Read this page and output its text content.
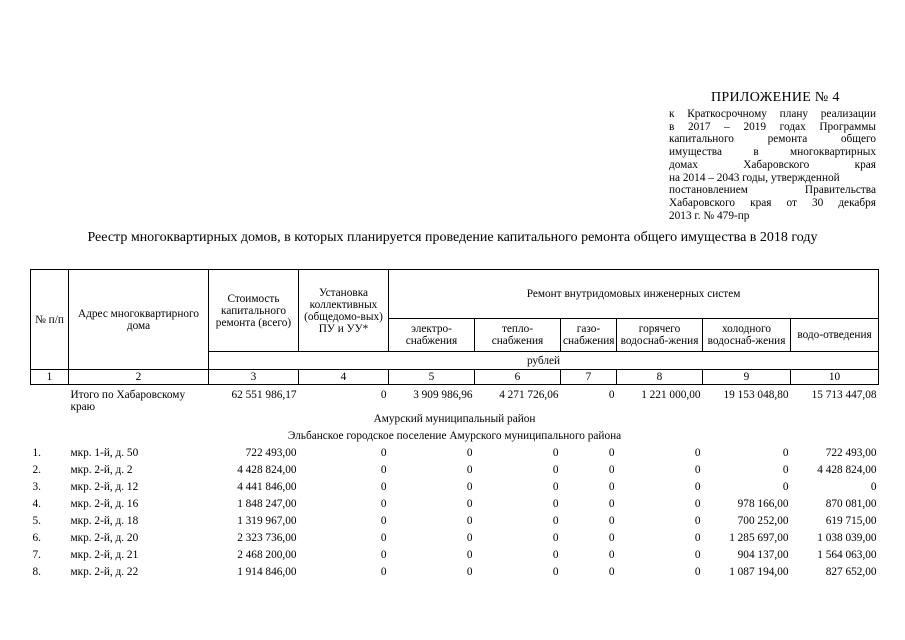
ПРИЛОЖЕНИЕ № 4
к Краткосрочному плану реализации
в 2017 – 2019 годах Программы
капитального ремонта общего
имущества в многоквартирных
домах Хабаровского края
на 2014 – 2043 годы, утвержденной
постановлением Правительства
Хабаровского края от 30 декабря
2013 г. № 479-пр
Реестр многоквартирных домов, в которых планируется проведение капитального ремонта общего имущества в 2018 году
№ п/п	Адрес многоквартирного дома	Стоимость капитального ремонта (всего)	Установка коллективных (общедомо-вых) ПУ и УУ*	Ремонт внутридомовых инженерных систем					
				электро-снабжения	тепло-снабжения	газо-снабжения	горячего водоснаб-жения	холодного водоснаб-жения	водо-отведения
		рублей							
1	2	3	4	5	6	7	8	9	10

	Итого по Хабаровскому краю	62 551 986,17	0	3 909 986,96	4 271 726,06	0	1 221 000,00	19 153 048,80	15 713 447,08
Амурский муниципальный район									
Эльбанское городское поселение Амурского муниципального района									
1.	мкр. 1-й, д. 50	722 493,00	0	0	0	0	0	0	722 493,00
2.	мкр. 2-й, д. 2	4 428 824,00	0	0	0	0	0	0	4 428 824,00
3.	мкр. 2-й, д. 12	4 441 846,00	0	0	0	0	0	0	0
4.	мкр. 2-й, д. 16	1 848 247,00	0	0	0	0	0	978 166,00	870 081,00
5.	мкр. 2-й, д. 18	1 319 967,00	0	0	0	0	0	700 252,00	619 715,00
6.	мкр. 2-й, д. 20	2 323 736,00	0	0	0	0	0	1 285 697,00	1 038 039,00
7.	мкр. 2-й, д. 21	2 468 200,00	0	0	0	0	0	904 137,00	1 564 063,00
8.	мкр. 2-й, д. 22	1 914 846,00	0	0	0	0	0	1 087 194,00	827 652,00
